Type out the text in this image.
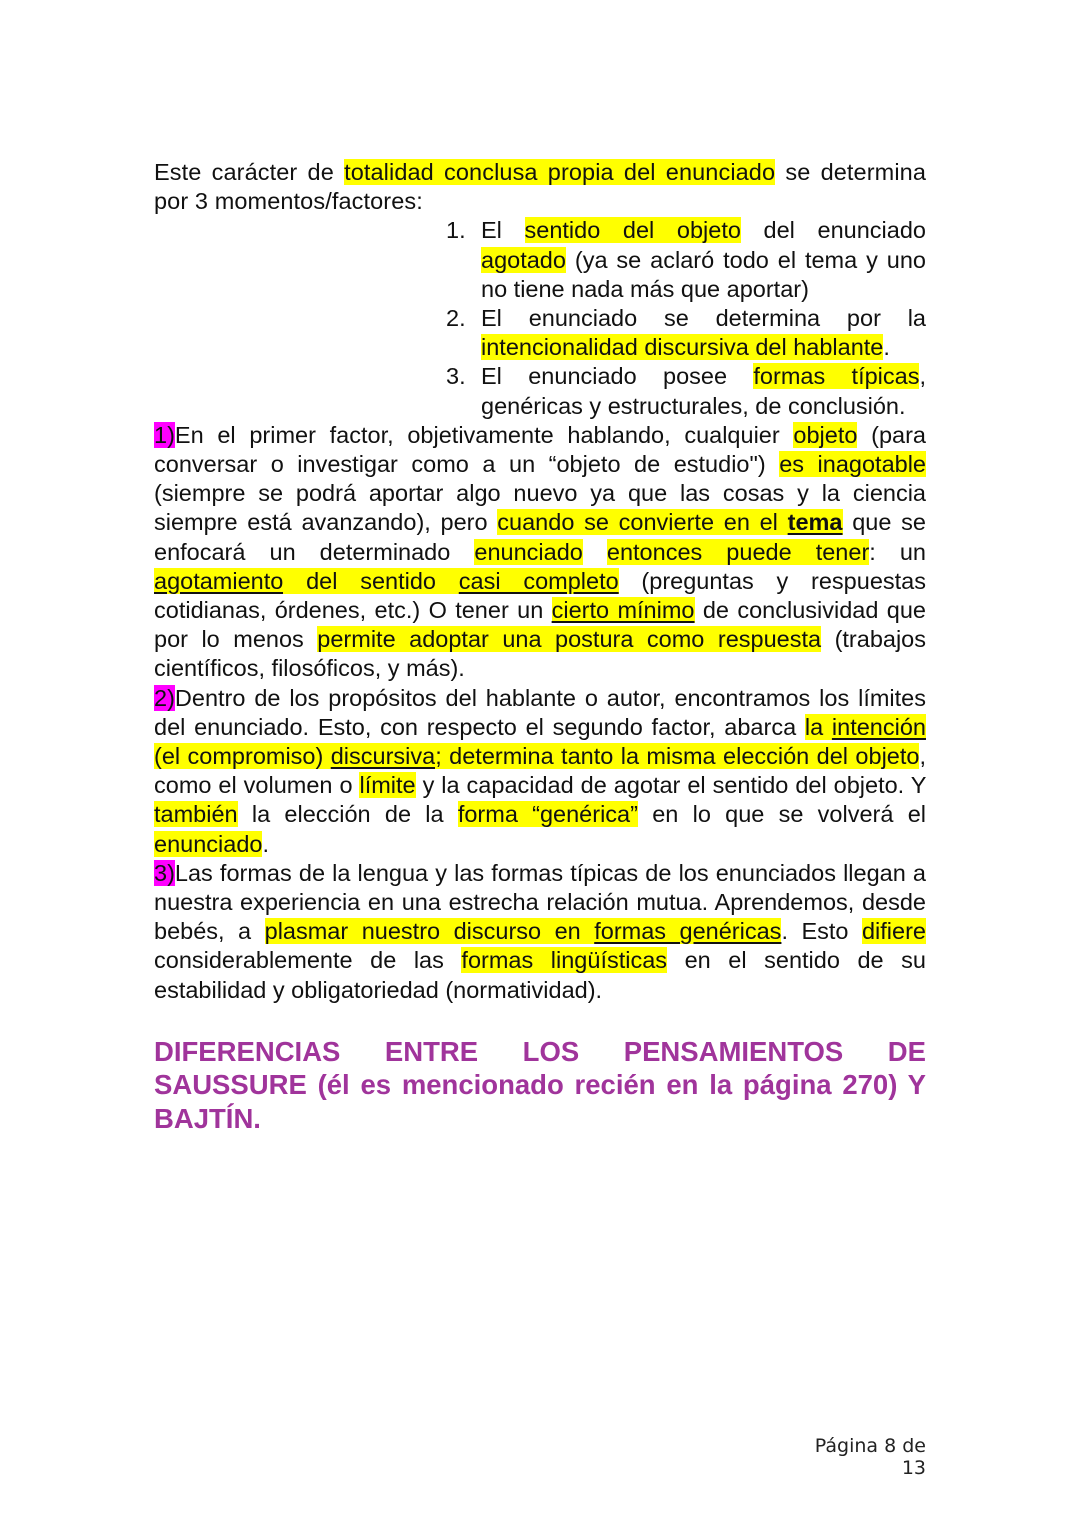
Este carácter de totalidad conclusa propia del enunciado se determina por 3 momentos/factores:

1. El sentido del objeto del enunciado agotado (ya se aclaró todo el tema y uno no tiene nada más que aportar)
2. El enunciado se determina por la intencionalidad discursiva del hablante.
3. El enunciado posee formas típicas, genéricas y estructurales, de conclusión.

1)En el primer factor, objetivamente hablando, cualquier objeto (para conversar o investigar como a un “objeto de estudio") es inagotable (siempre se podrá aportar algo nuevo ya que las cosas y la ciencia siempre está avanzando), pero cuando se convierte en el tema que se enfocará un determinado enunciado entonces puede tener: un agotamiento del sentido casi completo (preguntas y respuestas cotidianas, órdenes, etc.) O tener un cierto mínimo de conclusividad que por lo menos permite adoptar una postura como respuesta (trabajos científicos, filosóficos, y más).

2)Dentro de los propósitos del hablante o autor, encontramos los límites del enunciado. Esto, con respecto el segundo factor, abarca la intención (el compromiso) discursiva; determina tanto la misma elección del objeto, como el volumen o límite y la capacidad de agotar el sentido del objeto. Y también la elección de la forma “genérica” en lo que se volverá el enunciado.

3)Las formas de la lengua y las formas típicas de los enunciados llegan a nuestra experiencia en una estrecha relación mutua. Aprendemos, desde bebés, a plasmar nuestro discurso en formas genéricas. Esto difiere considerablemente de las formas lingüísticas en el sentido de su estabilidad y obligatoriedad (normatividad).

DIFERENCIAS ENTRE LOS PENSAMIENTOS DE SAUSSURE (él es mencionado recién en la página 270) Y BAJTÍN.

Página 8 de 13
